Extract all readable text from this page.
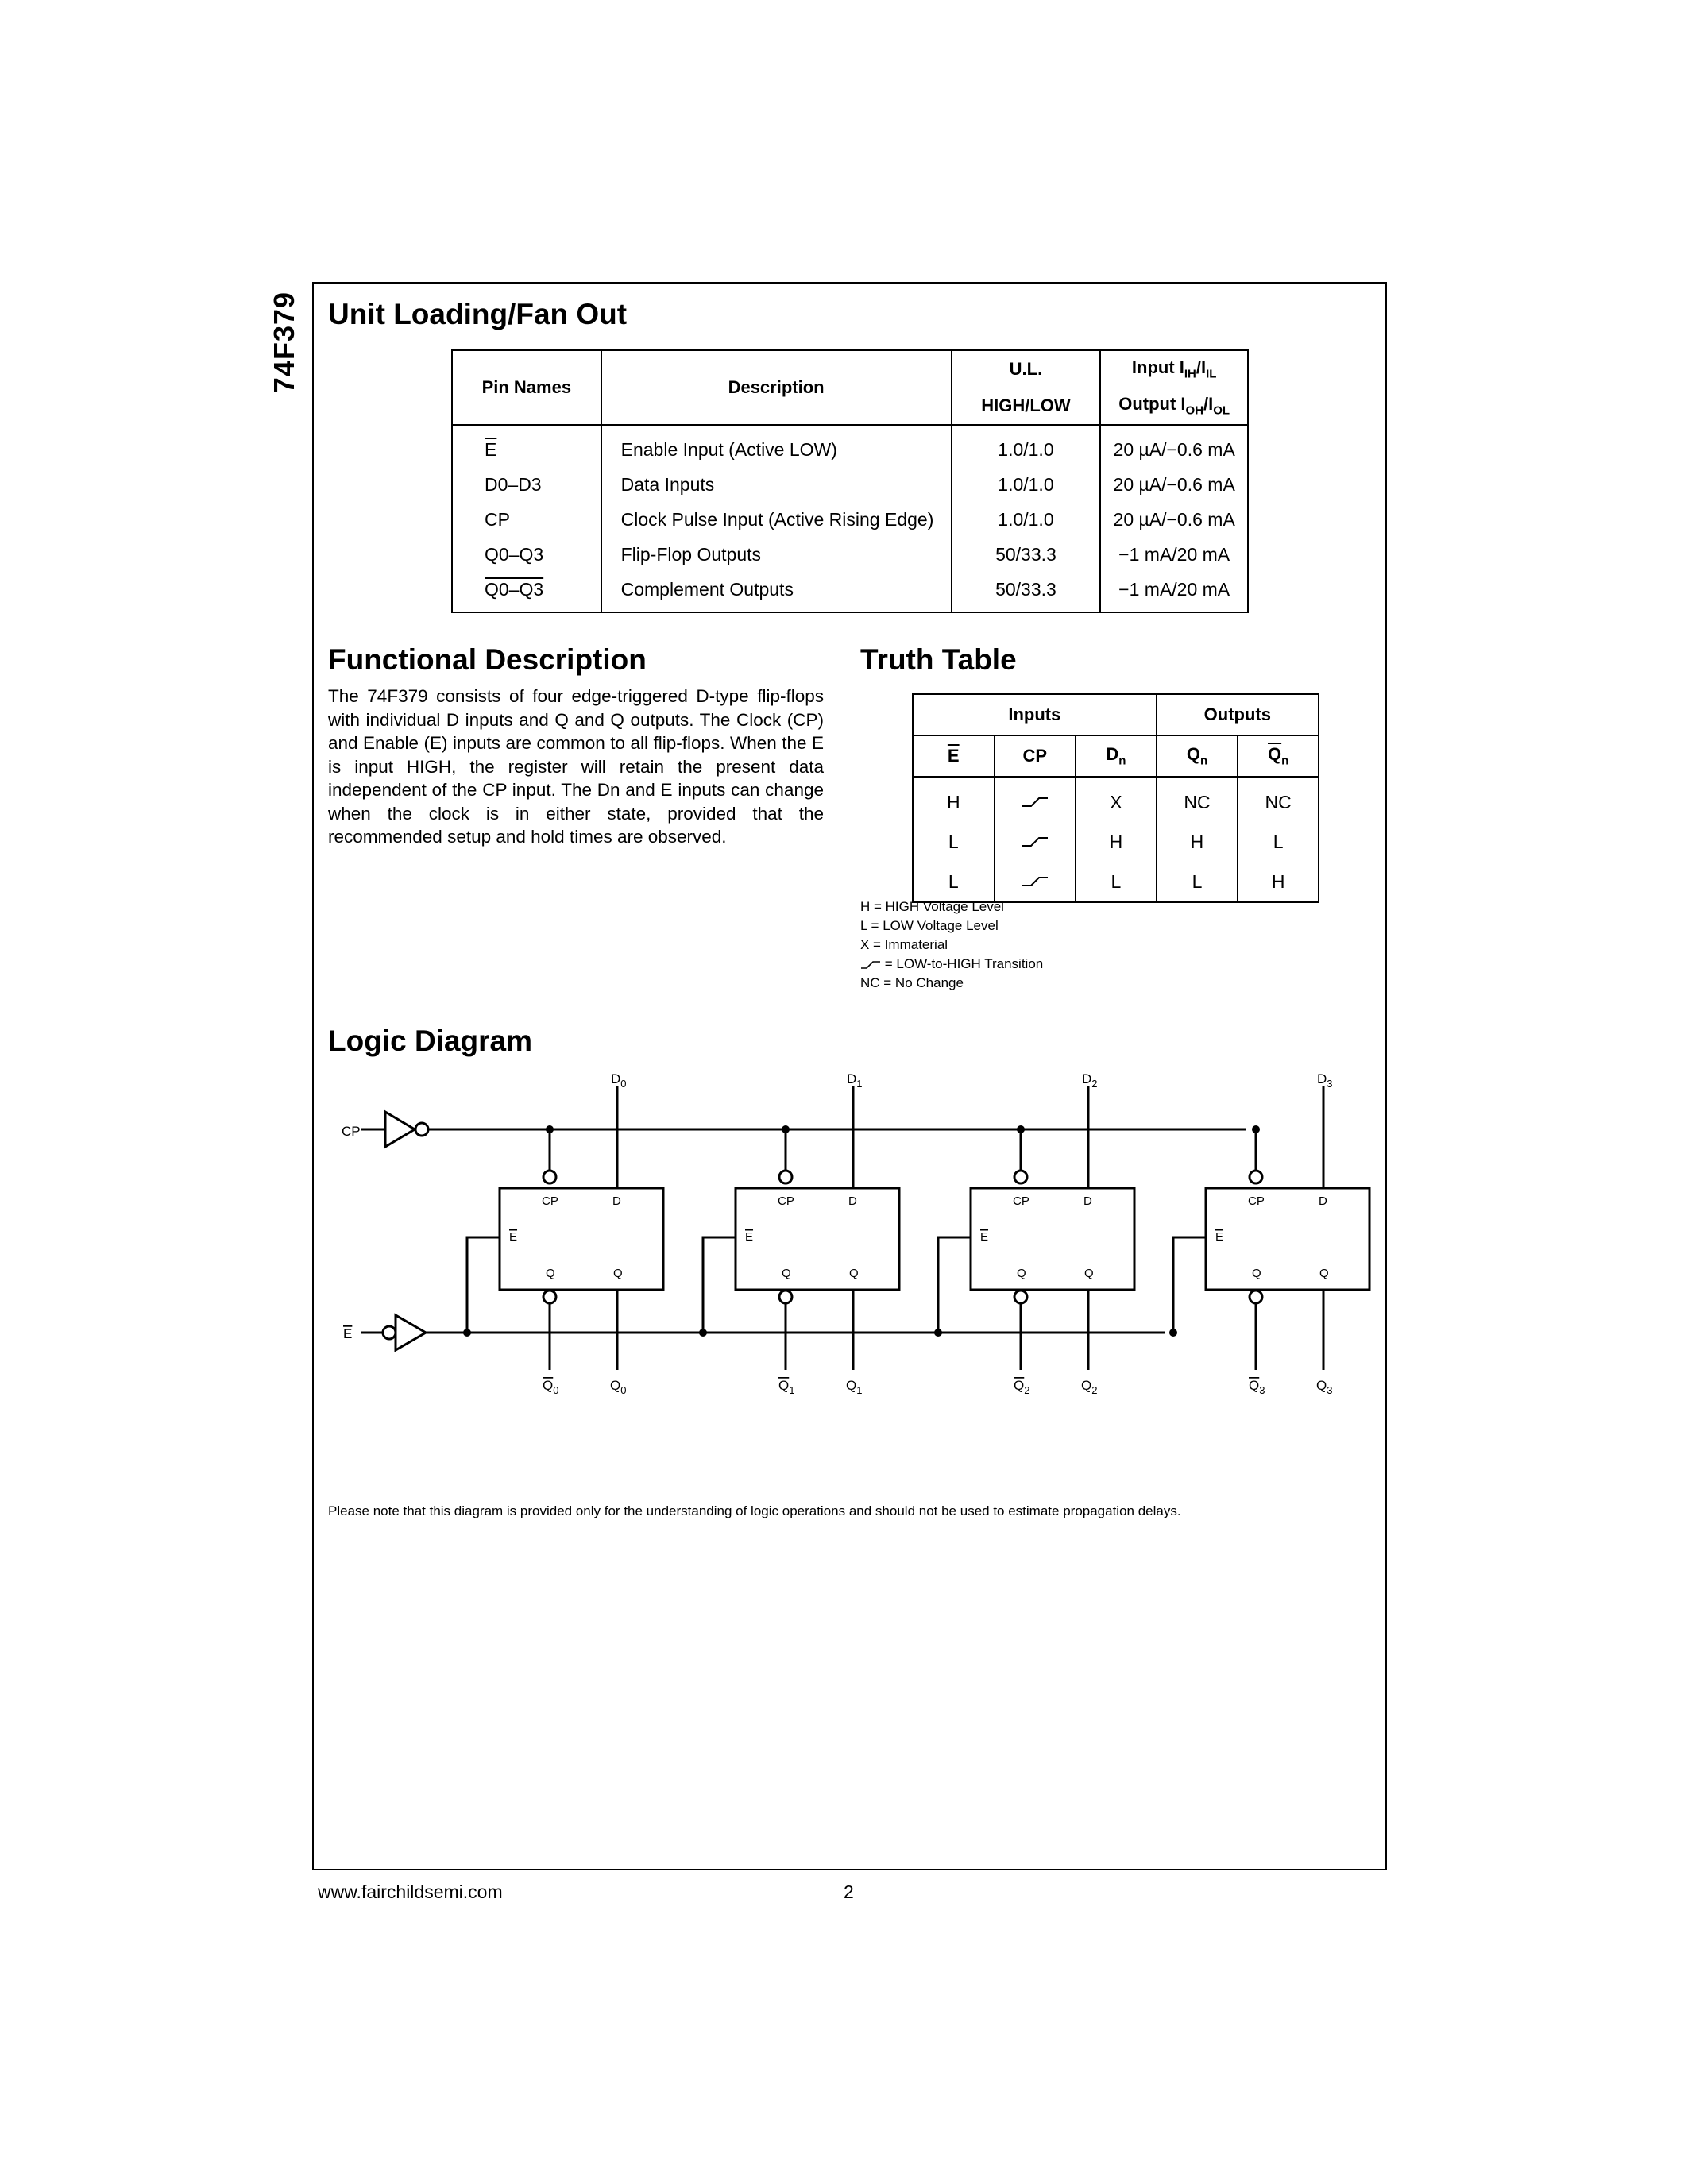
74F379 Unit Loading/Fan Out
Pin Names	Description	U.L.	Input $I_{IH}/I_{IL}$
		HIGH/LOW	Output $I_{OH}/I_{OL}$
$\overline{E}$	Enable Input (Active LOW)	1.0/1.0	20 µA/−0.6 mA
D0–D3	Data Inputs	1.0/1.0	20 µA/−0.6 mA
CP	Clock Pulse Input (Active Rising Edge)	1.0/1.0	20 µA/−0.6 mA
Q0–Q3	Flip-Flop Outputs	50/33.3	−1 mA/20 mA
Q0–Q3	Complement Outputs	50/33.3	−1 mA/20 mA
Functional Description
The 74F379 consists of four edge-triggered D-type flip-flops with individual D inputs and Q and Q outputs. The Clock (CP) and Enable (E) inputs are common to all flip-flops. When the E is input HIGH, the register will retain the present data independent of the CP input. The Dn and E inputs can change when the clock is in either state, provided that the recommended setup and hold times are observed.
Truth Table
Inputs			Outputs	
$\overline{E}$	CP	$D_n$	$Q_n$	$\overline{Q}_n$
H		X	NC	NC
L		H	H	L
L		L	L	H
H = HIGH Voltage Level
L = LOW Voltage Level
X = Immaterial
= LOW-to-HIGH Transition
NC = No Change
Logic Diagram
$D_0$
CP	D
E
Q	Q
$Q_0$	$Q_0$
$D_1$
CP	D
E
Q	Q
$Q_1$	$Q_1$
$D_2$
CP	D
E
Q	Q
$Q_2$	$Q_2$
$D_3$
CP	D
E
Q	Q
$Q_3$	$Q_3$
CP
E
Please note that this diagram is provided only for the understanding of logic operations and should not be used to estimate propagation delays.
www.fairchildsemi.com	2
